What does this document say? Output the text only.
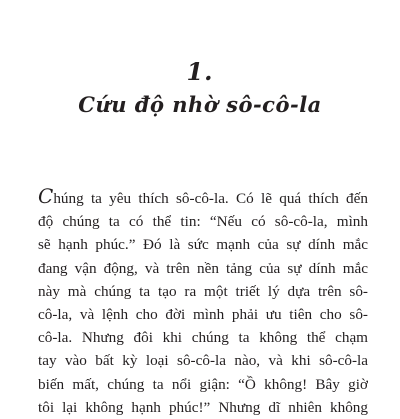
1.
Cứu độ nhờ sô-cô-la
Chúng ta yêu thích sô-cô-la. Có lẽ quá thích đến
độ chúng ta có thể tin: “Nếu có sô-cô-la, mình
sẽ hạnh phúc.” Đó là sức mạnh của sự dính mắc
đang vận động, và trên nền tảng của sự dính mắc
này mà chúng ta tạo ra một triết lý dựa trên sô-
cô-la, và lệnh cho đời mình phải ưu tiên cho sô-
cô-la. Nhưng đôi khi chúng ta không thể chạm
tay vào bất kỳ loại sô-cô-la nào, và khi sô-cô-la
biến mất, chúng ta nổi giận: “Ồ không! Bây giờ
tôi lại không hạnh phúc!” Nhưng dĩ nhiên không
